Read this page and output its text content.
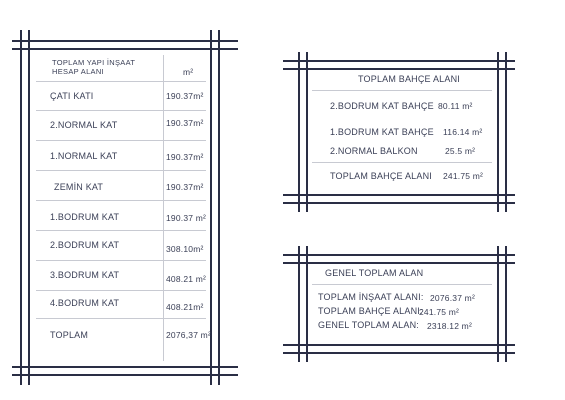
TOPLAM YAPI İNŞAAT
HESAP ALANI	m²
ÇATI KATI	190.37m²
2.NORMAL KAT	190.37m²
1.NORMAL KAT	190.37m²
ZEMİN KAT	190.37m²
1.BODRUM KAT	190.37 m²
2.BODRUM KAT	308.10m²
3.BODRUM KAT	408.21 m²
4.BODRUM KAT	408.21m²
TOPLAM	2076,37 m²
TOPLAM BAHÇE ALANI
2.BODRUM KAT BAHÇE 80.11 m²
1.BODRUM KAT BAHÇE 116.14 m²
2.NORMAL BALKON	25.5 m²
TOPLAM BAHÇE ALANI 241.75 m²
GENEL TOPLAM ALAN
TOPLAM İNŞAAT ALANI: 2076.37 m²
TOPLAM BAHÇE ALANI:
241.75 m²
GENEL TOPLAM ALAN: 2318.12 m²
